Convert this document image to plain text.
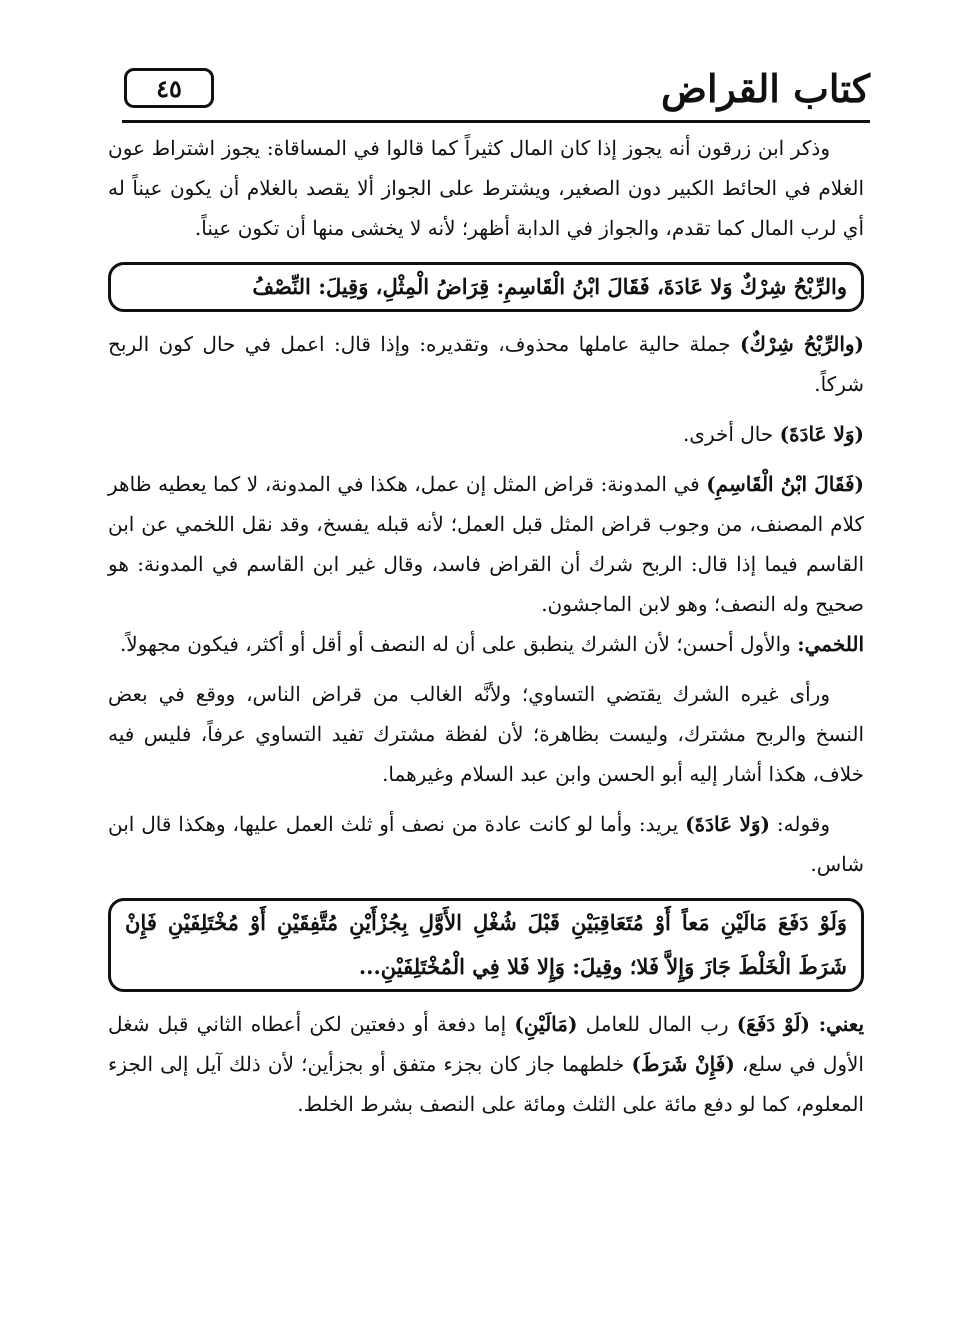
٤٥	كتاب القراض

وذكر ابن زرقون أنه يجوز إذا كان المال كثيراً كما قالوا في المساقاة: يجوز اشتراط عون الغلام في الحائط الكبير دون الصغير، ويشترط على الجواز ألا يقصد بالغلام أن يكون عيناً له أي لرب المال كما تقدم، والجواز في الدابة أظهر؛ لأنه لا يخشى منها أن تكون عيناً.

والرِّبْحُ شِرْكٌ وَلا عَادَةَ، فَقَالَ ابْنُ الْقَاسِمِ: قِرَاضُ الْمِثْلِ، وَقِيلَ: النِّصْفُ

(والرِّبْحُ شِرْكٌ) جملة حالية عاملها محذوف، وتقديره: وإذا قال: اعمل في حال كون الربح شركاً.

(وَلا عَادَةَ) حال أخرى.

(فَقَالَ ابْنُ الْقَاسِمِ) في المدونة: قراض المثل إن عمل، هكذا في المدونة، لا كما يعطيه ظاهر كلام المصنف، من وجوب قراض المثل قبل العمل؛ لأنه قبله يفسخ، وقد نقل اللخمي عن ابن القاسم فيما إذا قال: الربح شرك أن القراض فاسد، وقال غير ابن القاسم في المدونة: هو صحيح وله النصف؛ وهو لابن الماجشون.

اللخمي: والأول أحسن؛ لأن الشرك ينطبق على أن له النصف أو أقل أو أكثر، فيكون مجهولاً.

ورأى غيره الشرك يقتضي التساوي؛ ولأنَّه الغالب من قراض الناس، ووقع في بعض النسخ والربح مشترك، وليست بظاهرة؛ لأن لفظة مشترك تفيد التساوي عرفاً، فليس فيه خلاف، هكذا أشار إليه أبو الحسن وابن عبد السلام وغيرهما.

وقوله: (وَلا عَادَةَ) يريد: وأما لو كانت عادة من نصف أو ثلث العمل عليها، وهكذا قال ابن شاس.

وَلَوْ دَفَعَ مَالَيْنِ مَعاً أَوْ مُتَعَاقِبَيْنِ قَبْلَ شُغْلِ الأَوَّلِ بِجُزْأَيْنِ مُتَّفِقَيْنِ أَوْ مُخْتَلِفَيْنِ فَإِنْ شَرَطَ الْخَلْطَ جَازَ وَإِلاَّ فَلا؛ وقِيلَ: وَإِلا فَلا فِي الْمُخْتَلِفَيْنِ...

يعني: (لَوْ دَفَعَ) رب المال للعامل (مَالَيْنِ) إما دفعة أو دفعتين لكن أعطاه الثاني قبل شغل الأول في سلع، (فَإِنْ شَرَطَ) خلطهما جاز كان بجزء متفق أو بجزأين؛ لأن ذلك آيل إلى الجزء المعلوم، كما لو دفع مائة على الثلث ومائة على النصف بشرط الخلط.
